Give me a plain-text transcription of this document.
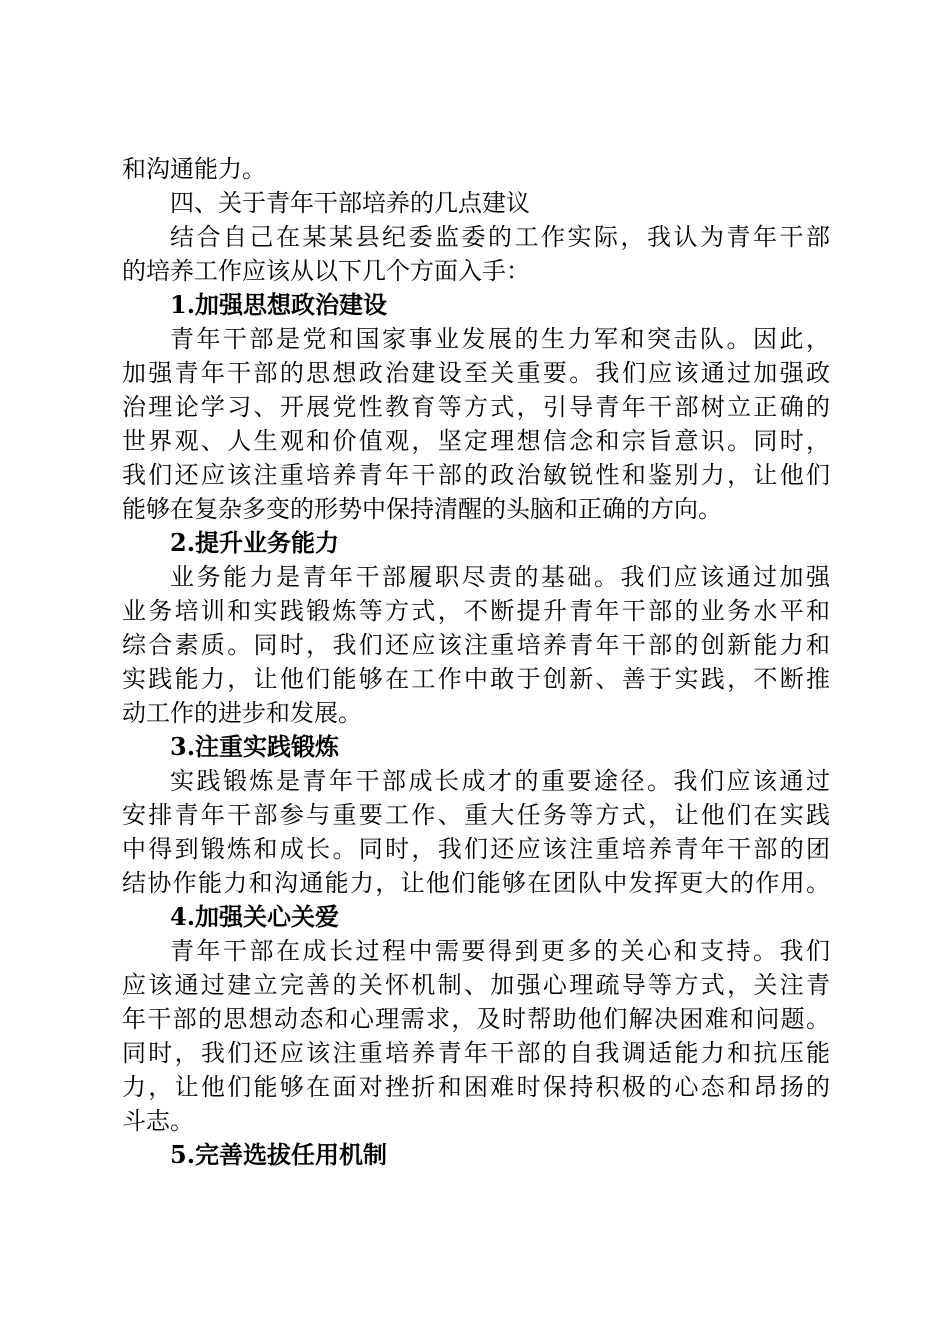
和沟通能力。
四、关于青年干部培养的几点建议
结合自己在某某县纪委监委的工作实际，我认为青年干部
的培养工作应该从以下几个方面入手：
1.加强思想政治建设
青年干部是党和国家事业发展的生力军和突击队。因此，
加强青年干部的思想政治建设至关重要。我们应该通过加强政
治理论学习、开展党性教育等方式，引导青年干部树立正确的
世界观、人生观和价值观，坚定理想信念和宗旨意识。同时，
我们还应该注重培养青年干部的政治敏锐性和鉴别力，让他们
能够在复杂多变的形势中保持清醒的头脑和正确的方向。
2.提升业务能力
业务能力是青年干部履职尽责的基础。我们应该通过加强
业务培训和实践锻炼等方式，不断提升青年干部的业务水平和
综合素质。同时，我们还应该注重培养青年干部的创新能力和
实践能力，让他们能够在工作中敢于创新、善于实践，不断推
动工作的进步和发展。
3.注重实践锻炼
实践锻炼是青年干部成长成才的重要途径。我们应该通过
安排青年干部参与重要工作、重大任务等方式，让他们在实践
中得到锻炼和成长。同时，我们还应该注重培养青年干部的团
结协作能力和沟通能力，让他们能够在团队中发挥更大的作用。
4.加强关心关爱
青年干部在成长过程中需要得到更多的关心和支持。我们
应该通过建立完善的关怀机制、加强心理疏导等方式，关注青
年干部的思想动态和心理需求，及时帮助他们解决困难和问题。
同时，我们还应该注重培养青年干部的自我调适能力和抗压能
力，让他们能够在面对挫折和困难时保持积极的心态和昂扬的
斗志。
5.完善选拔任用机制
